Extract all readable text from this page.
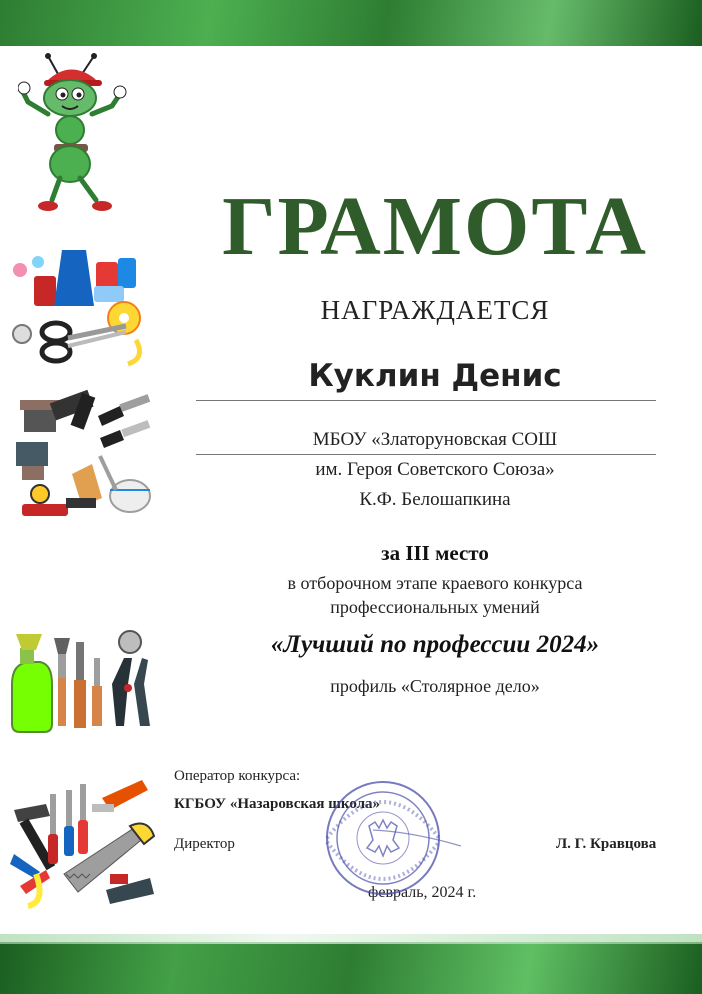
ГРАМОТА
НАГРАЖДАЕТСЯ
Куклин Денис
МБОУ «Златоруновская СОШ
им. Героя Советского Союза»
К.Ф. Белошапкина
за III место
в отборочном этапе краевого конкурса
профессиональных умений
«Лучший по профессии 2024»
профиль «Столярное дело»
Оператор конкурса:
КГБОУ «Назаровская школа»
Директор	Л. Г. Кравцова
февраль, 2024 г.
